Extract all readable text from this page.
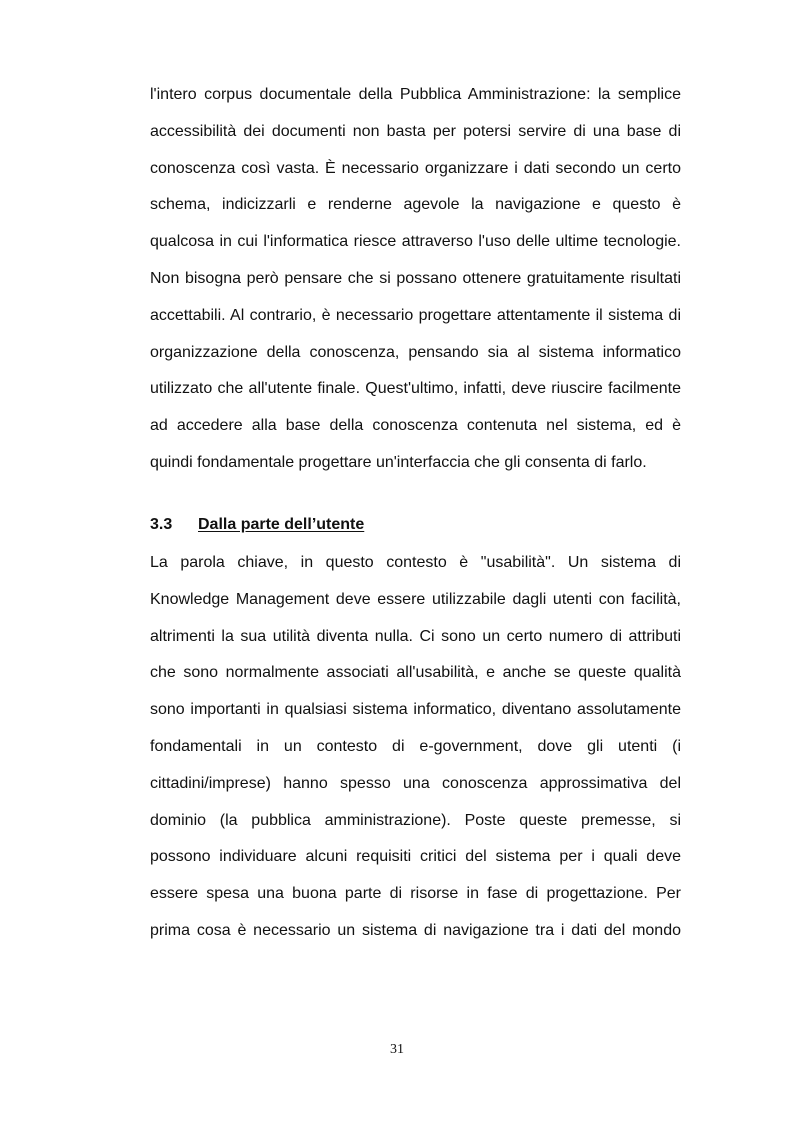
l'intero corpus documentale della Pubblica Amministrazione: la semplice
accessibilità dei documenti non basta per potersi servire di una base di
conoscenza così vasta. È necessario organizzare i dati secondo un certo
schema, indicizzarli e renderne agevole la navigazione e questo è
qualcosa in cui l'informatica riesce attraverso l'uso delle ultime tecnologie.
Non bisogna però pensare che si possano ottenere gratuitamente risultati
accettabili. Al contrario, è necessario progettare attentamente il sistema di
organizzazione della conoscenza, pensando sia al sistema informatico
utilizzato che all'utente finale. Quest'ultimo, infatti, deve riuscire facilmente
ad accedere alla base della conoscenza contenuta nel sistema, ed è
quindi fondamentale progettare un'interfaccia che gli consenta di farlo.
3.3 Dalla parte dell’utente
La parola chiave, in questo contesto è "usabilità". Un sistema di
Knowledge Management deve essere utilizzabile dagli utenti con facilità,
altrimenti la sua utilità diventa nulla. Ci sono un certo numero di attributi
che sono normalmente associati all'usabilità, e anche se queste qualità
sono importanti in qualsiasi sistema informatico, diventano assolutamente
fondamentali in un contesto di e-government, dove gli utenti (i
cittadini/imprese) hanno spesso una conoscenza approssimativa del
dominio (la pubblica amministrazione). Poste queste premesse, si
possono individuare alcuni requisiti critici del sistema per i quali deve
essere spesa una buona parte di risorse in fase di progettazione. Per
prima cosa è necessario un sistema di navigazione tra i dati del mondo
31
